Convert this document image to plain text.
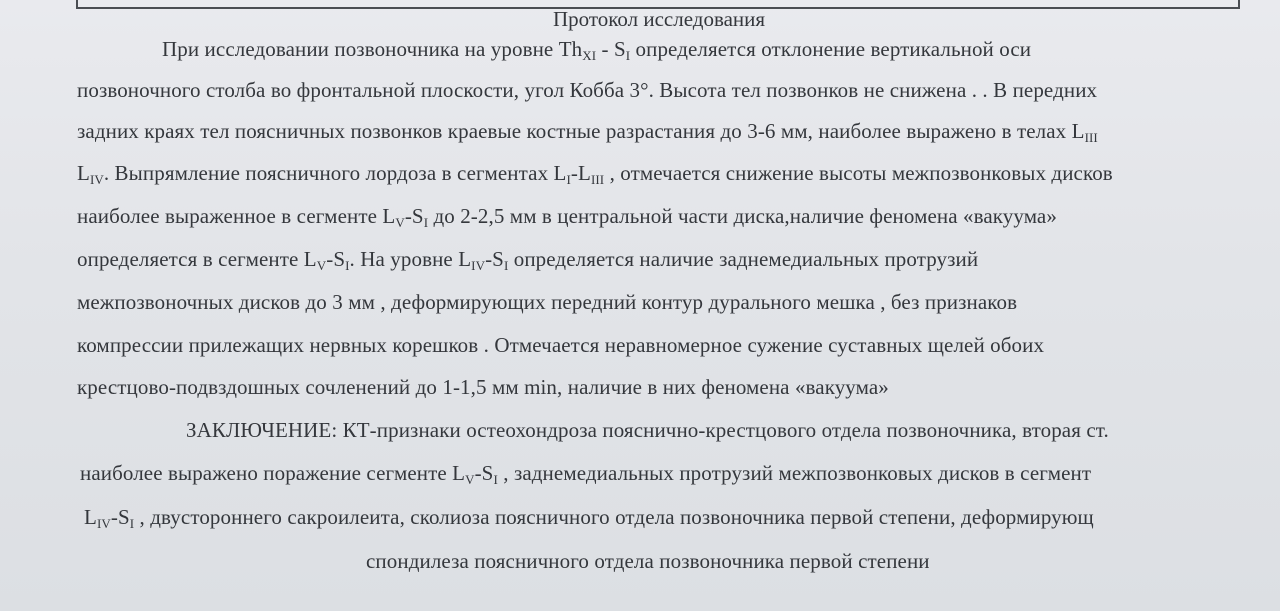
Протокол исследования
При исследовании позвоночника на уровне $Th_{XI} - S_I$ определяется отклонение вертикальной оси
позвоночного столба во фронтальной плоскости, угол Кобба 3°. Высота тел позвонков не снижена . . В передних
задних краях тел поясничных позвонков краевые костные разрастания до 3-6 мм, наиболее выражено в телах $L_{III}$
$L_{IV}$. Выпрямление поясничного лордоза в сегментах $L_I-L_{III}$ , отмечается снижение высоты межпозвонковых дисков
наиболее выраженное в сегменте $L_V-S_I$ до 2-2,5 мм в центральной части диска,наличие феномена «вакуума»
определяется в сегменте $L_V-S_I$. На уровне $L_{IV}-S_I$ определяется наличие заднемедиальных протрузий
межпозвоночных дисков до 3 мм , деформирующих передний контур дурального мешка , без признаков
компрессии прилежащих нервных корешков . Отмечается неравномерное сужение суставных щелей обоих
крестцово-подвздошных сочленений до 1-1,5 мм min, наличие в них феномена «вакуума»
ЗАКЛЮЧЕНИЕ: КТ-признаки остеохондроза пояснично-крестцового отдела позвоночника, вторая ст.
наиболее выражено поражение сегменте $L_V-S_I$ , заднемедиальных протрузий межпозвонковых дисков в сегмент
$L_{IV}-S_I$ , двустороннего сакроилеита, сколиоза поясничного отдела позвоночника первой степени, деформирующ
спондилеза поясничного отдела позвоночника первой степени
